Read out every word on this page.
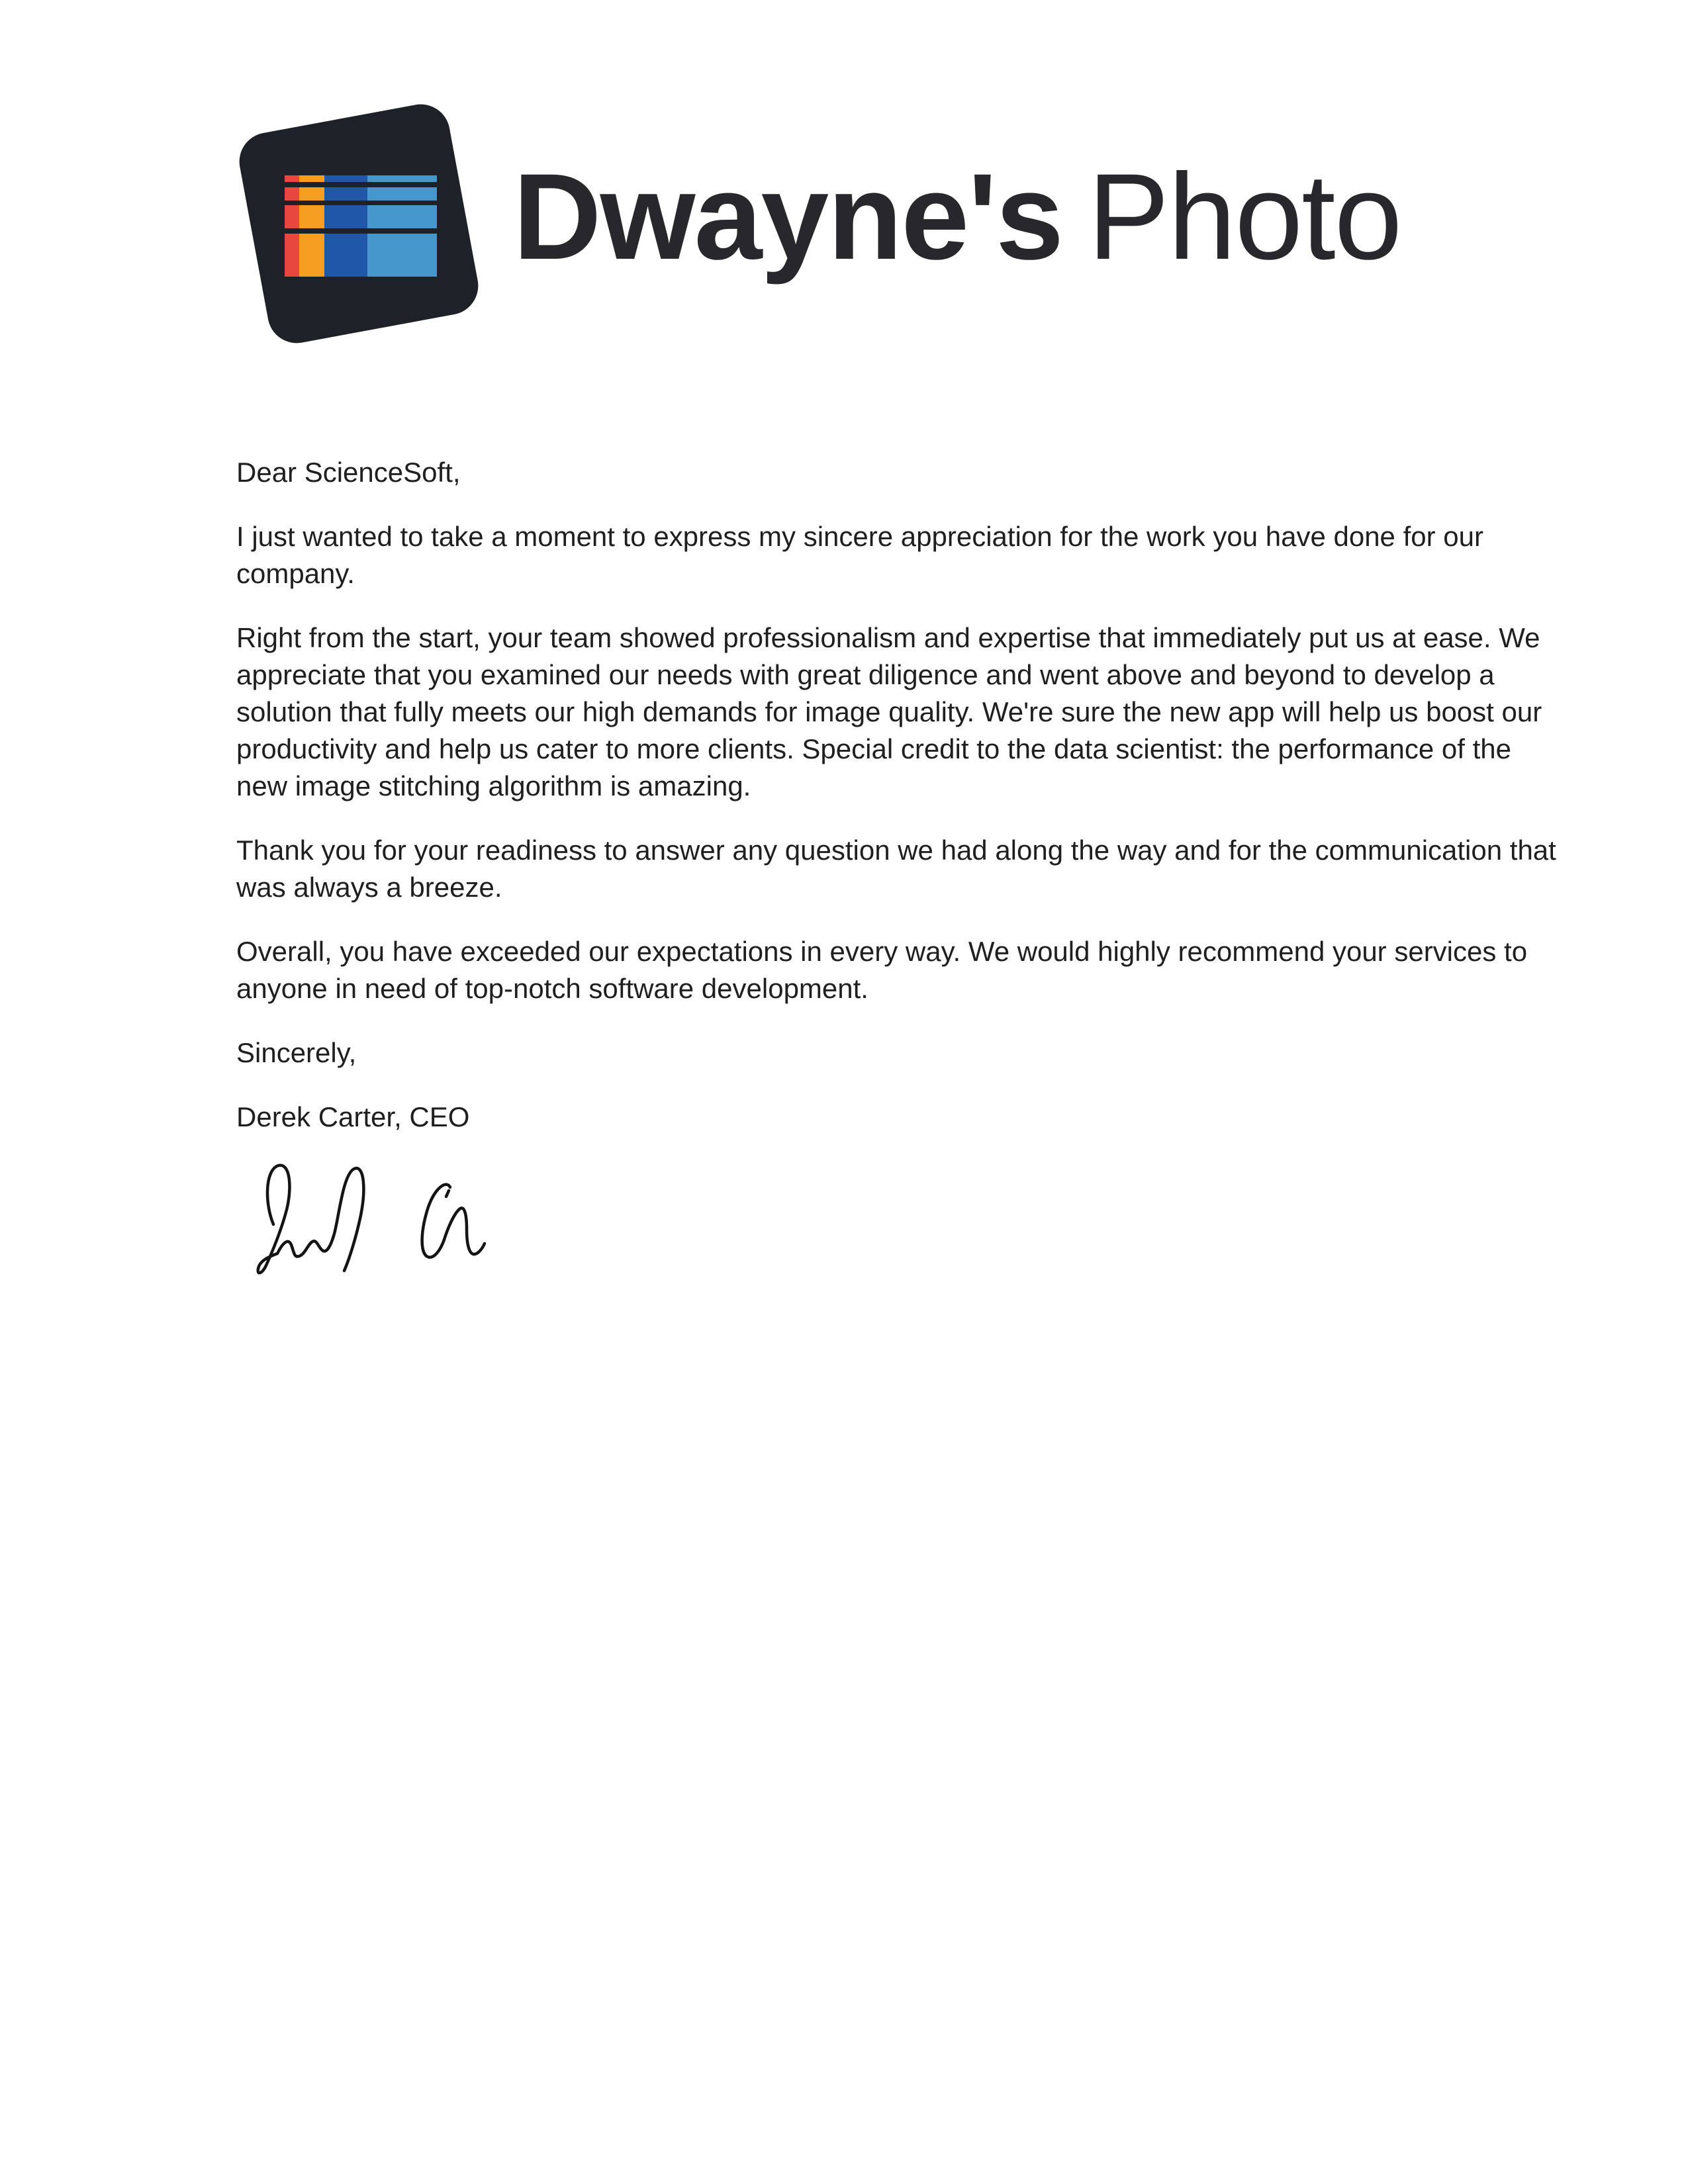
Dwayne's Photo

Dear ScienceSoft,

I just wanted to take a moment to express my sincere appreciation for the work you have done for our
company.

Right from the start, your team showed professionalism and expertise that immediately put us at ease. We
appreciate that you examined our needs with great diligence and went above and beyond to develop a
solution that fully meets our high demands for image quality. We're sure the new app will help us boost our
productivity and help us cater to more clients. Special credit to the data scientist: the performance of the
new image stitching algorithm is amazing.

Thank you for your readiness to answer any question we had along the way and for the communication that
was always a breeze.

Overall, you have exceeded our expectations in every way. We would highly recommend your services to
anyone in need of top-notch software development.

Sincerely,

Derek Carter, CEO
